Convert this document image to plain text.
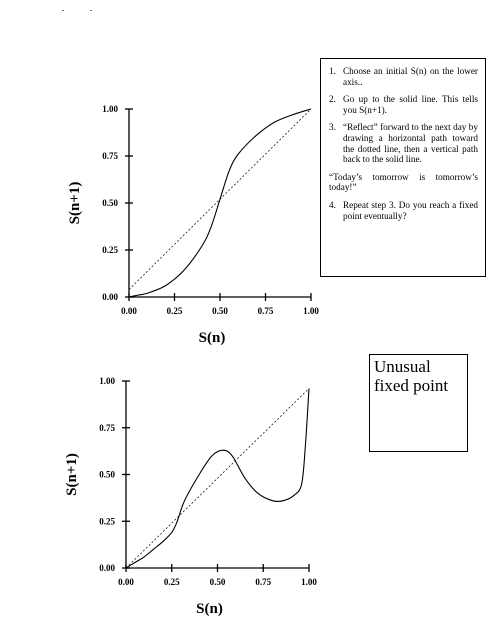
0.00	0.25	0.50	0.75	1.00
0.00
0.25
0.50
0.75
1.00
S(n)
S(n+1)
0.00	0.25	0.50	0.75	1.00
0.00
0.25
0.50
0.75
1.00
S(n)
S(n+1)
1. Choose an initial S(n) on the lower axis..
2. Go up to the solid line. This tells you S(n+1).
3. “Reflect” forward to the next day by drawing a horizontal path toward the dotted line, then a vertical path back to the solid line.
“Today’s tomorrow is tomorrow’s today!”
4. Repeat step 3. Do you reach a fixed point eventually?
Unusual fixed point
